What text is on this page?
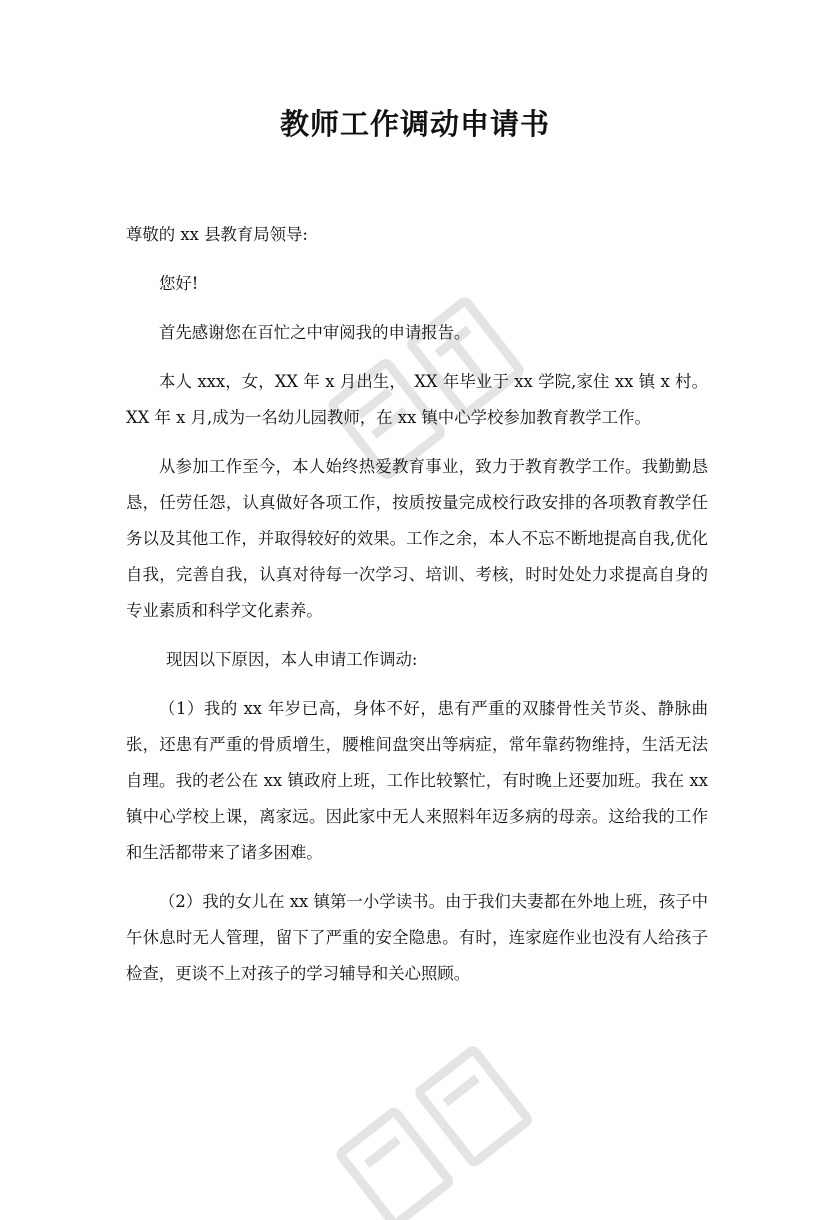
教师工作调动申请书

尊敬的 xx 县教育局领导:

您好!

首先感谢您在百忙之中审阅我的申请报告。

本人 xxx，女，XX 年 x 月出生，　XX 年毕业于 xx 学院,家住 xx 镇 x 村。XX 年 x 月,成为一名幼儿园教师，在 xx 镇中心学校参加教育教学工作。

从参加工作至今，本人始终热爱教育事业，致力于教育教学工作。我勤勤恳恳，任劳任怨，认真做好各项工作，按质按量完成校行政安排的各项教育教学任务以及其他工作，并取得较好的效果。工作之余，本人不忘不断地提高自我,优化自我，完善自我，认真对待每一次学习、培训、考核，时时处处力求提高自身的专业素质和科学文化素养。

现因以下原因，本人申请工作调动:

（1）我的 xx 年岁已高，身体不好，患有严重的双膝骨性关节炎、静脉曲张，还患有严重的骨质增生，腰椎间盘突出等病症，常年靠药物维持，生活无法自理。我的老公在 xx 镇政府上班，工作比较繁忙，有时晚上还要加班。我在 xx 镇中心学校上课，离家远。因此家中无人来照料年迈多病的母亲。这给我的工作和生活都带来了诸多困难。

（2）我的女儿在 xx 镇第一小学读书。由于我们夫妻都在外地上班，孩子中午休息时无人管理，留下了严重的安全隐患。有时，连家庭作业也没有人给孩子检查，更谈不上对孩子的学习辅导和关心照顾。
